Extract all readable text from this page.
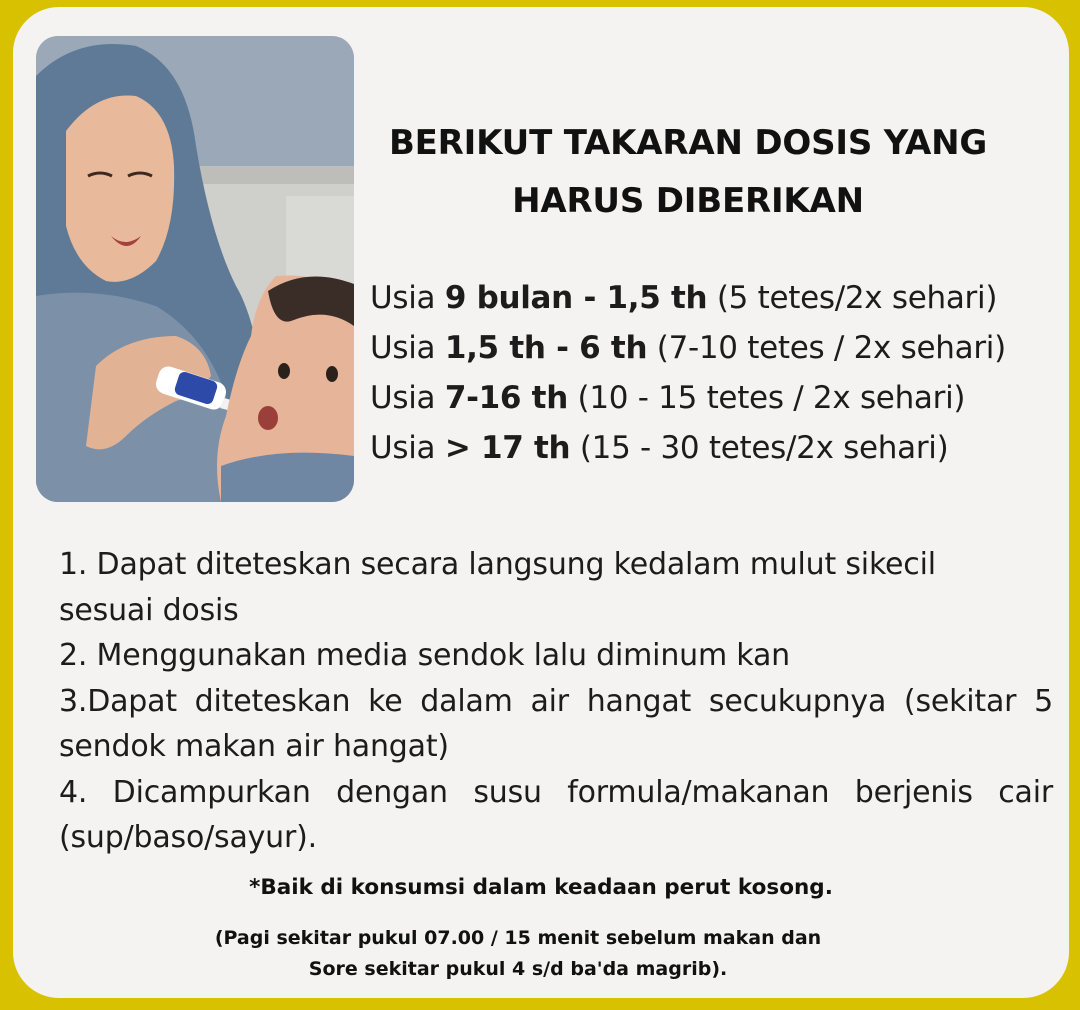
BERIKUT TAKARAN DOSIS YANG
HARUS DIBERIKAN
Usia 9 bulan - 1,5 th (5 tetes/2x sehari)
Usia 1,5 th - 6 th (7-10 tetes / 2x sehari)
Usia 7-16 th (10 - 15 tetes / 2x sehari)
Usia > 17 th (15 - 30 tetes/2x sehari)

1. Dapat diteteskan secara langsung kedalam mulut sikecil sesuai dosis

2. Menggunakan media sendok lalu diminum kan

3.Dapat diteteskan ke dalam air hangat secukupnya (sekitar 5 sendok makan air hangat)

4. Dicampurkan dengan susu formula/makanan berjenis cair (sup/baso/sayur).

*Baik di konsumsi dalam keadaan perut kosong.
(Pagi sekitar pukul 07.00 / 15 menit sebelum makan dan
Sore sekitar pukul 4 s/d ba'da magrib).
